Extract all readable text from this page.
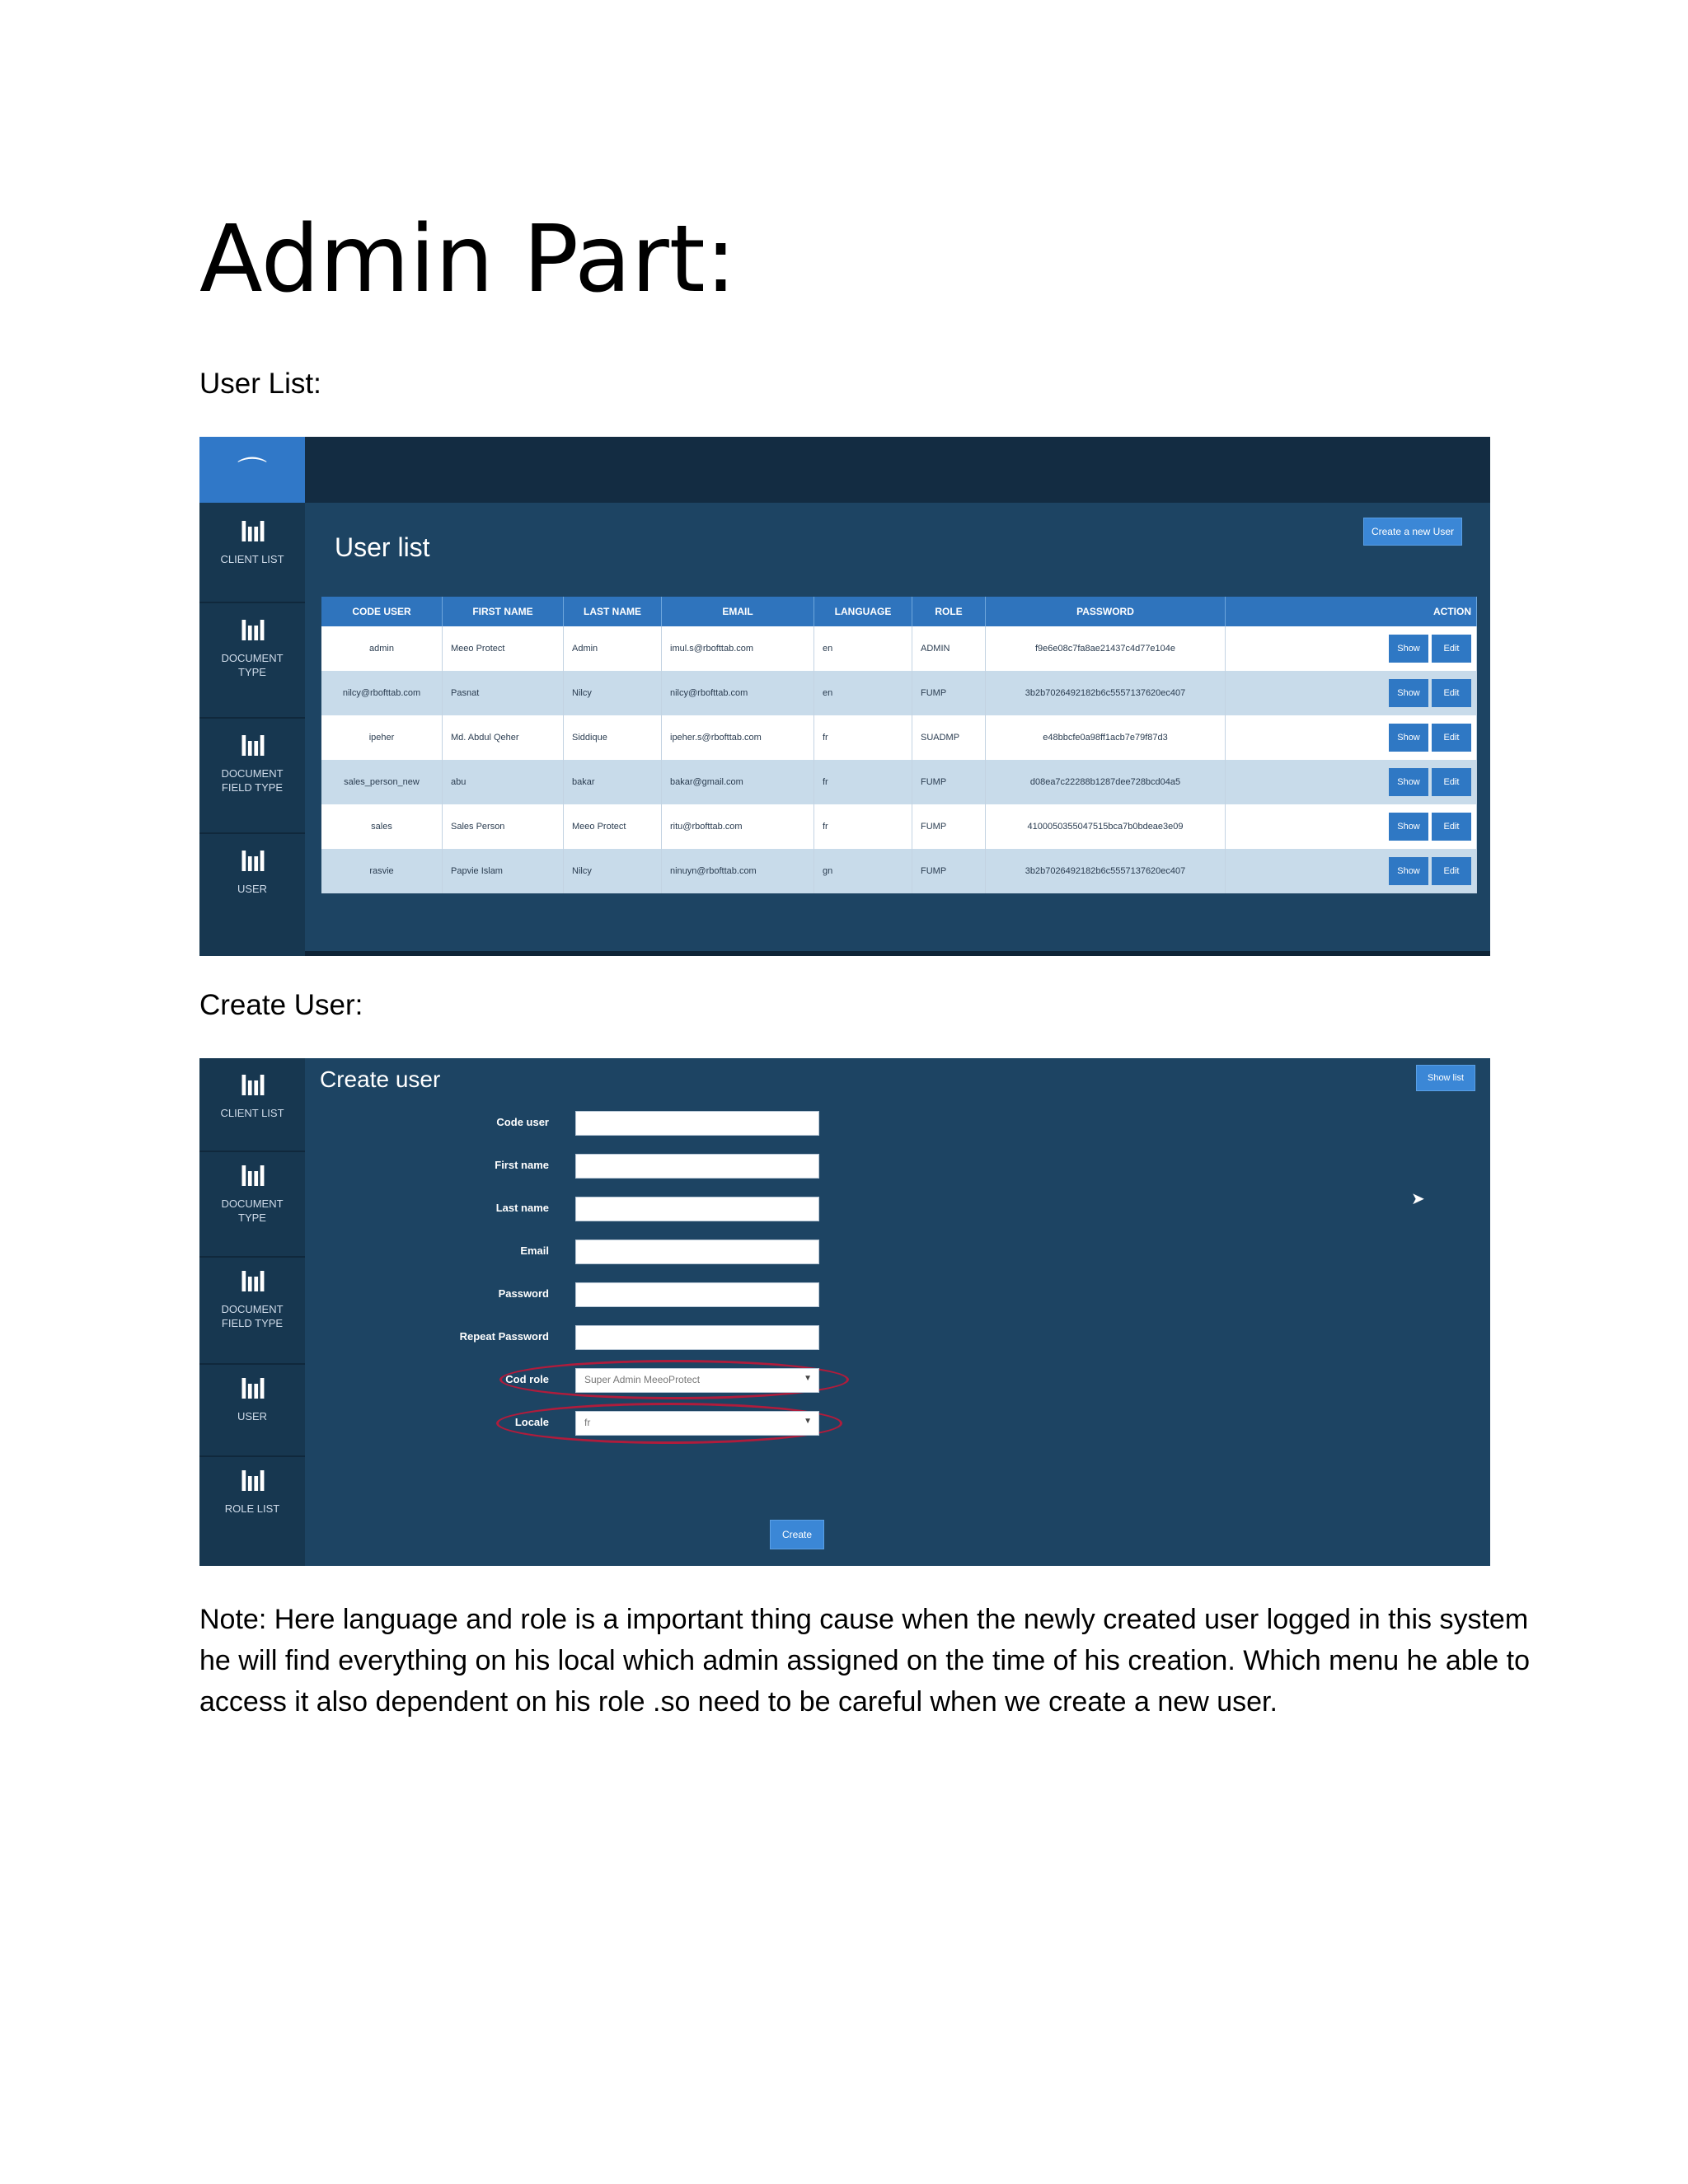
Admin Part:
User List:
⌒
lııl
CLIENT LIST
lııl
DOCUMENT TYPE
lııl
DOCUMENT FIELD TYPE
lııl
USER
User list
Create a new User
CODE USER	FIRST NAME	LAST NAME	EMAIL	LANGUAGE	ROLE	PASSWORD	ACTION
admin	Meeo Protect	Admin	imul.s@rbofttab.com	en	ADMIN	f9e6e08c7fa8ae21437c4d77e104e	Show Edit
nilcy@rbofttab.com	Pasnat	Nilcy	nilcy@rbofttab.com	en	FUMP	3b2b7026492182b6c5557137620ec407	Show Edit
ipeher	Md. Abdul Qeher	Siddique	ipeher.s@rbofttab.com	fr	SUADMP	e48bbcfe0a98ff1acb7e79f87d3	Show Edit
sales_person_new	abu	bakar	bakar@gmail.com	fr	FUMP	d08ea7c22288b1287dee728bcd04a5	Show Edit
sales	Sales Person	Meeo Protect	ritu@rbofttab.com	fr	FUMP	4100050355047515bca7b0bdeae3e09	Show Edit
rasvie	Papvie Islam	Nilcy	ninuyn@rbofttab.com	gn	FUMP	3b2b7026492182b6c5557137620ec407	Show Edit
Create User:
lııl
CLIENT LIST
lııl
DOCUMENT TYPE
lııl
DOCUMENT FIELD TYPE
lııl
USER
lııl
ROLE LIST
Create user	Show list
➤
Code user
First name
Last name
Email
Password
Repeat Password
Cod role	Super Admin MeeoProtect	▼
Locale	fr	▼
Create
Note: Here language and role is a important thing cause when the newly created user logged in this system he will find everything on his local which admin assigned on the time of his creation. Which menu he able to access it also dependent on his role .so need to be careful when we create a new user.
